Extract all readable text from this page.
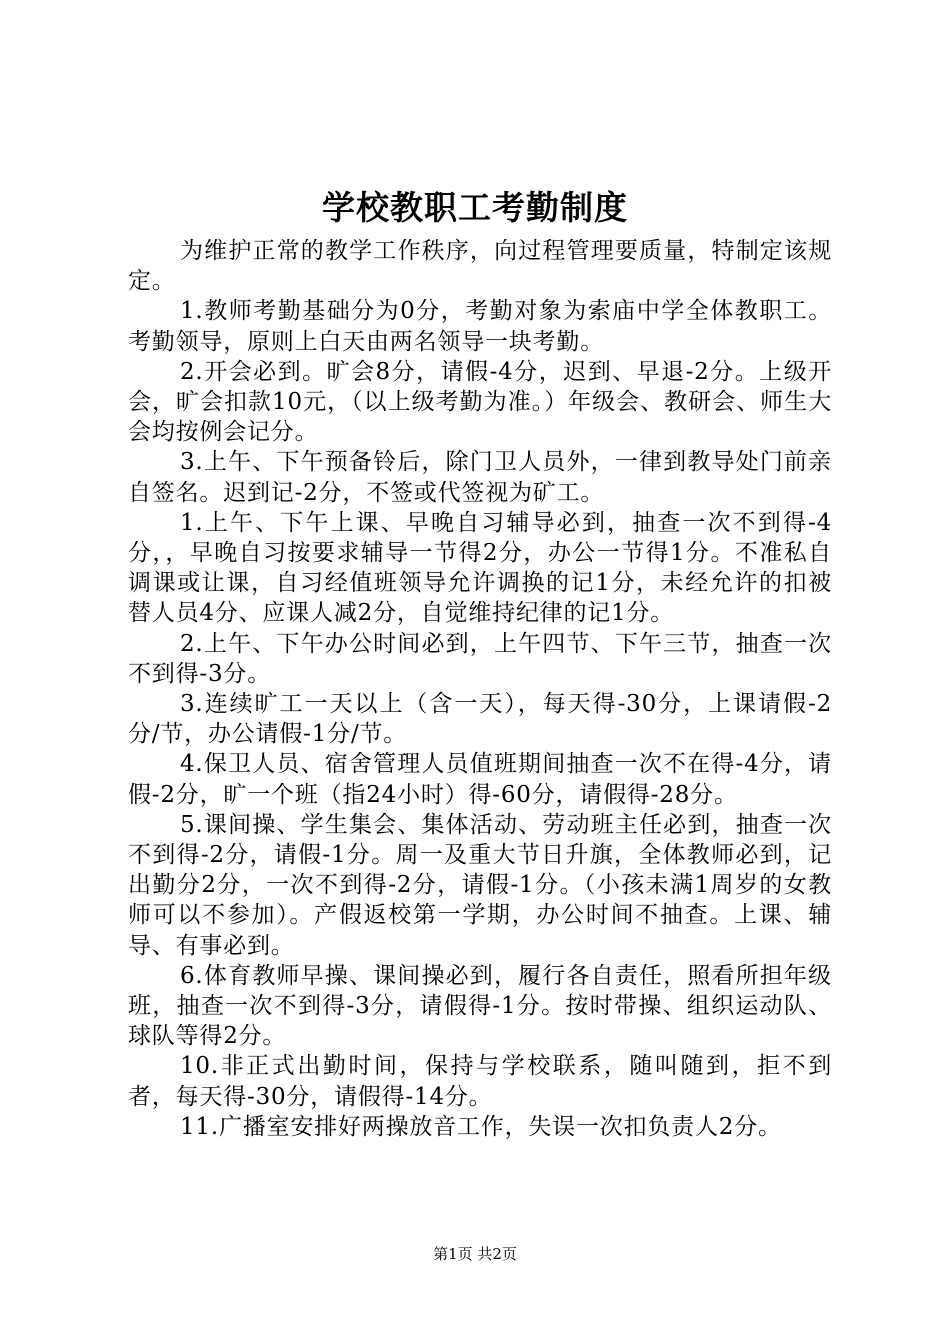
学校教职工考勤制度

为维护正常的教学工作秩序，向过程管理要质量，特制定该规定。

1.教师考勤基础分为0分，考勤对象为索庙中学全体教职工。考勤领导，原则上白天由两名领导一块考勤。

2.开会必到。旷会8分，请假-4分，迟到、早退-2分。上级开会，旷会扣款10元，（以上级考勤为准。）年级会、教研会、师生大会均按例会记分。

3.上午、下午预备铃后，除门卫人员外，一律到教导处门前亲自签名。迟到记-2分，不签或代签视为矿工。

1.上午、下午上课、早晚自习辅导必到，抽查一次不到得-4分，，早晚自习按要求辅导一节得2分，办公一节得1分。不准私自调课或让课，自习经值班领导允许调换的记1分，未经允许的扣被替人员4分、应课人减2分，自觉维持纪律的记1分。

2.上午、下午办公时间必到，上午四节、下午三节，抽查一次不到得-3分。

3.连续旷工一天以上（含一天），每天得-30分，上课请假-2分/节，办公请假-1分/节。

4.保卫人员、宿舍管理人员值班期间抽查一次不在得-4分，请假-2分，旷一个班（指24小时）得-60分，请假得-28分。

5.课间操、学生集会、集体活动、劳动班主任必到，抽查一次不到得-2分，请假-1分。周一及重大节日升旗，全体教师必到，记出勤分2分，一次不到得-2分，请假-1分。（小孩未满1周岁的女教师可以不参加）。产假返校第一学期，办公时间不抽查。上课、辅导、有事必到。

6.体育教师早操、课间操必到，履行各自责任，照看所担年级班，抽查一次不到得-3分，请假得-1分。按时带操、组织运动队、球队等得2分。

10.非正式出勤时间，保持与学校联系，随叫随到，拒不到者，每天得-30分，请假得-14分。

11.广播室安排好两操放音工作，失误一次扣负责人2分。

第1页 共2页
